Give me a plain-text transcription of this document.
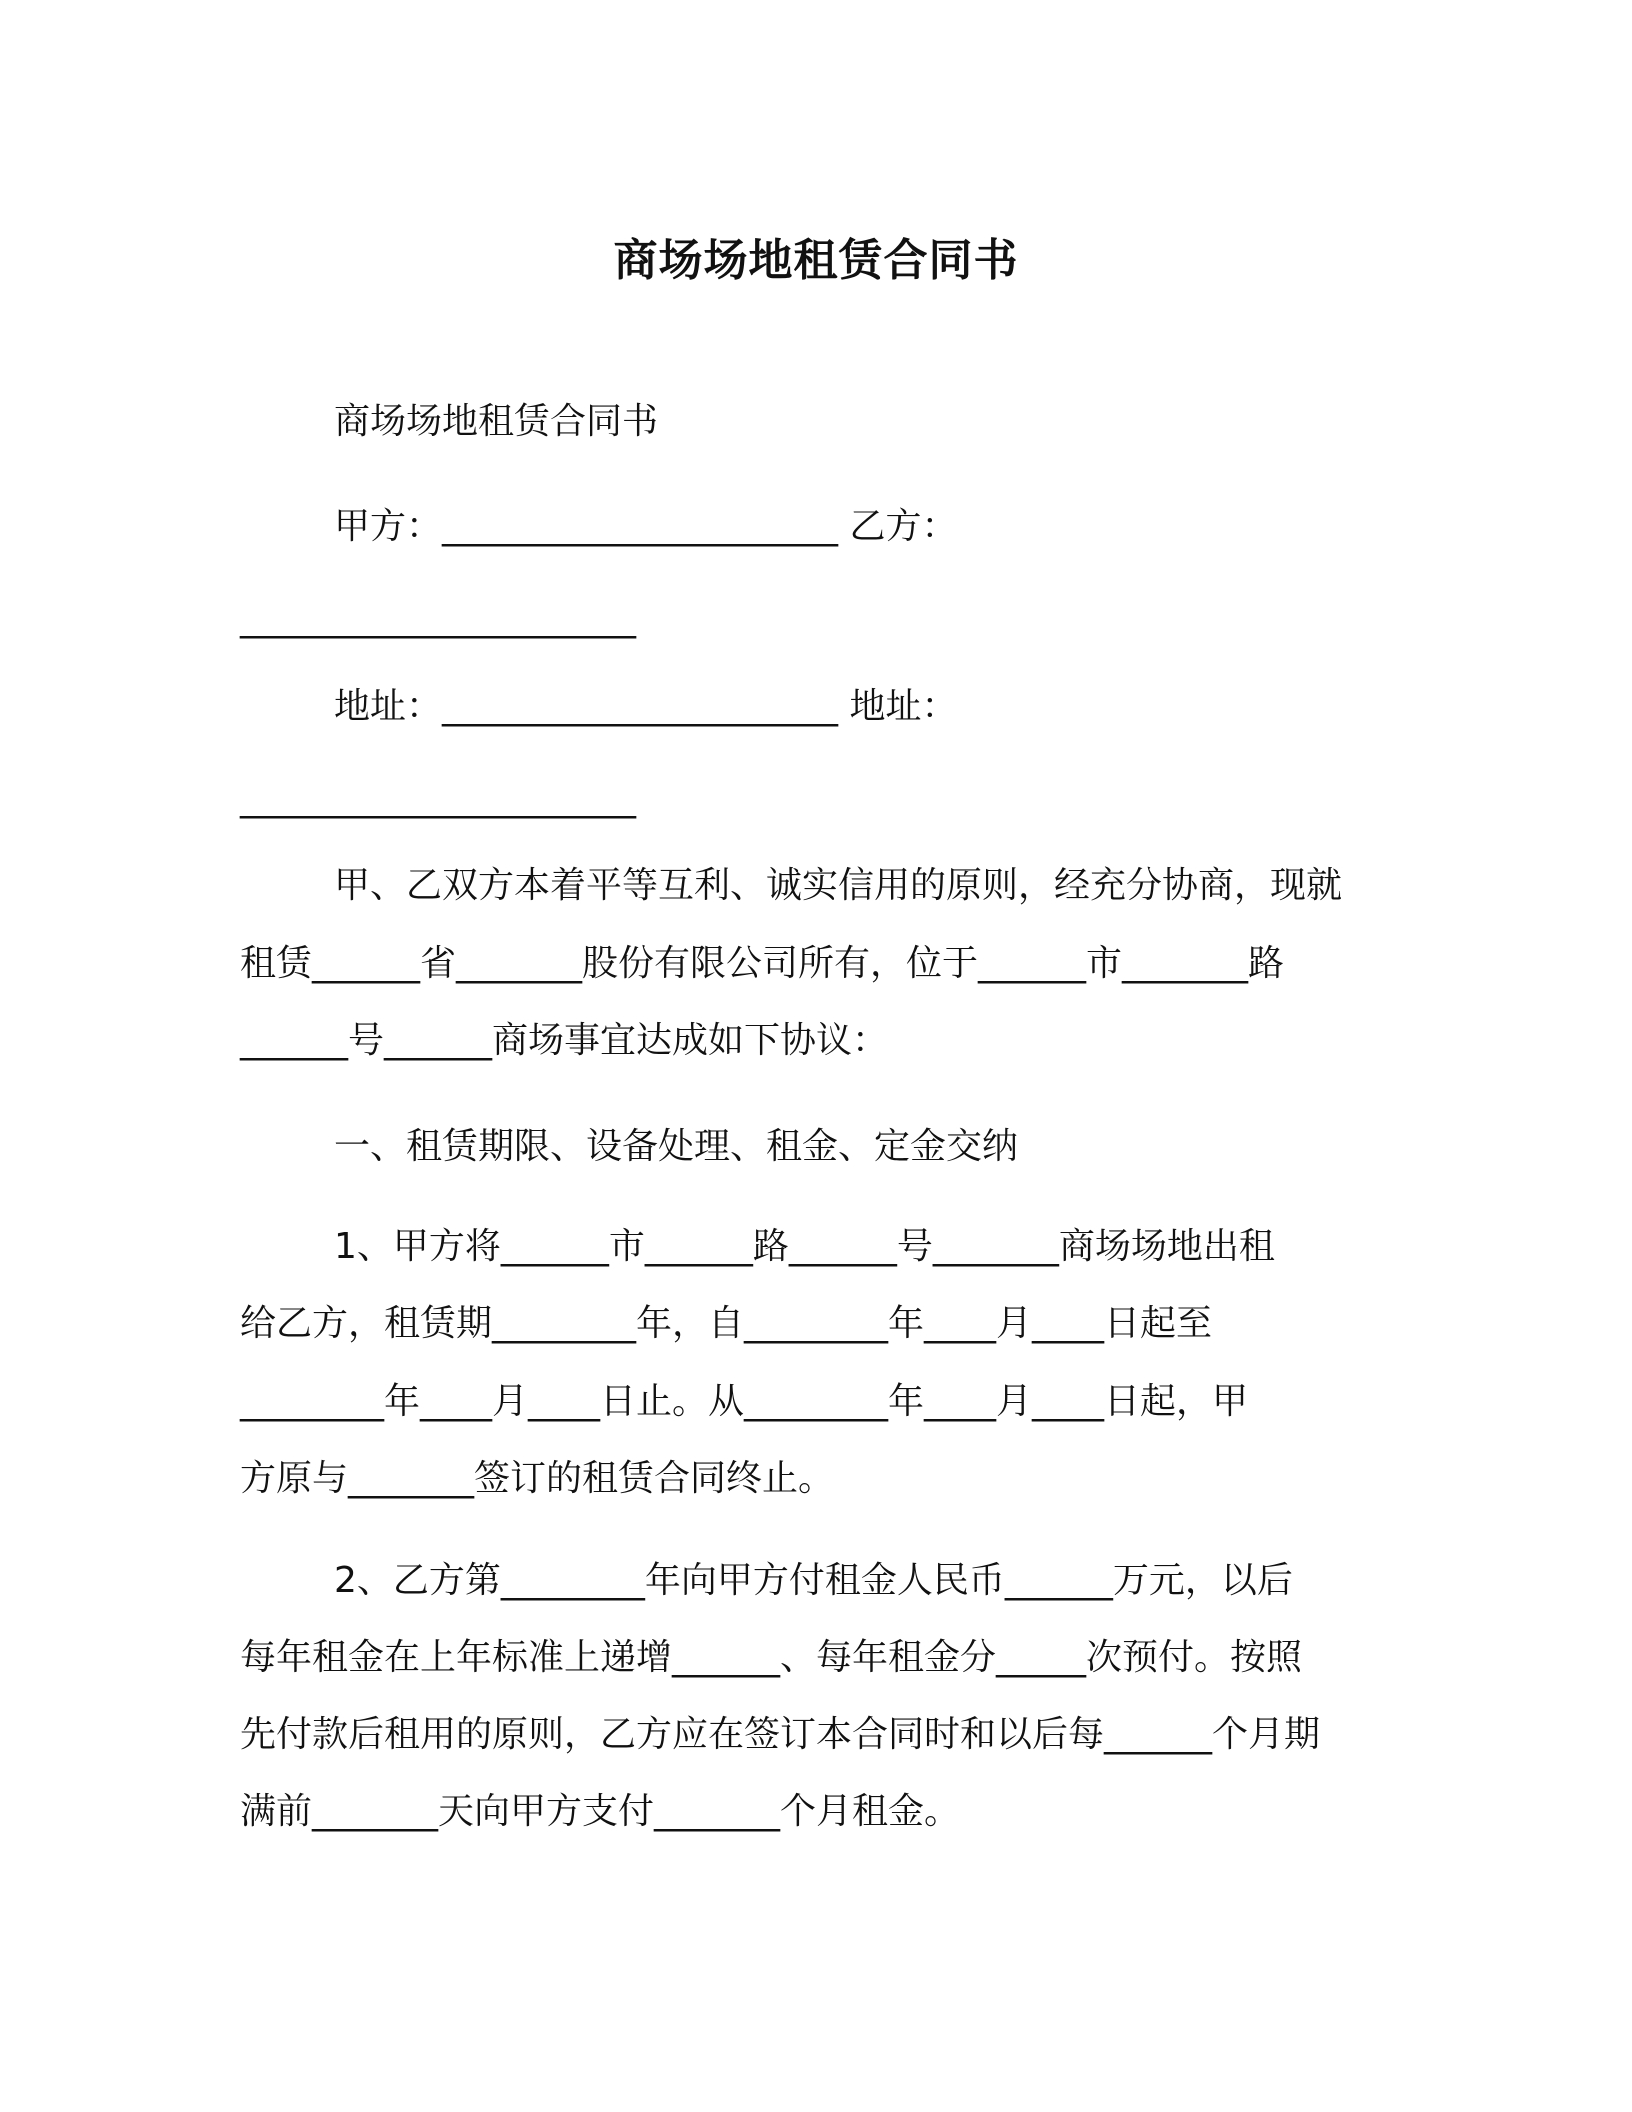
商场场地租赁合同书
商场场地租赁合同书
甲方：______________________ 乙方：
______________________
地址：______________________ 地址：
______________________
甲、乙双方本着平等互利、诚实信用的原则，经充分协商，现就
租赁______省_______股份有限公司所有，位于______市_______路
______号______商场事宜达成如下协议：
一、租赁期限、设备处理、租金、定金交纳
1、甲方将______市______路______号_______商场场地出租
给乙方，租赁期________年，自________年____月____日起至
________年____月____日止。从________年____月____日起，甲
方原与_______签订的租赁合同终止。
2、乙方第________年向甲方付租金人民币______万元，以后
每年租金在上年标准上递增______、每年租金分_____次预付。按照
先付款后租用的原则，乙方应在签订本合同时和以后每______个月期
满前_______天向甲方支付_______个月租金。
